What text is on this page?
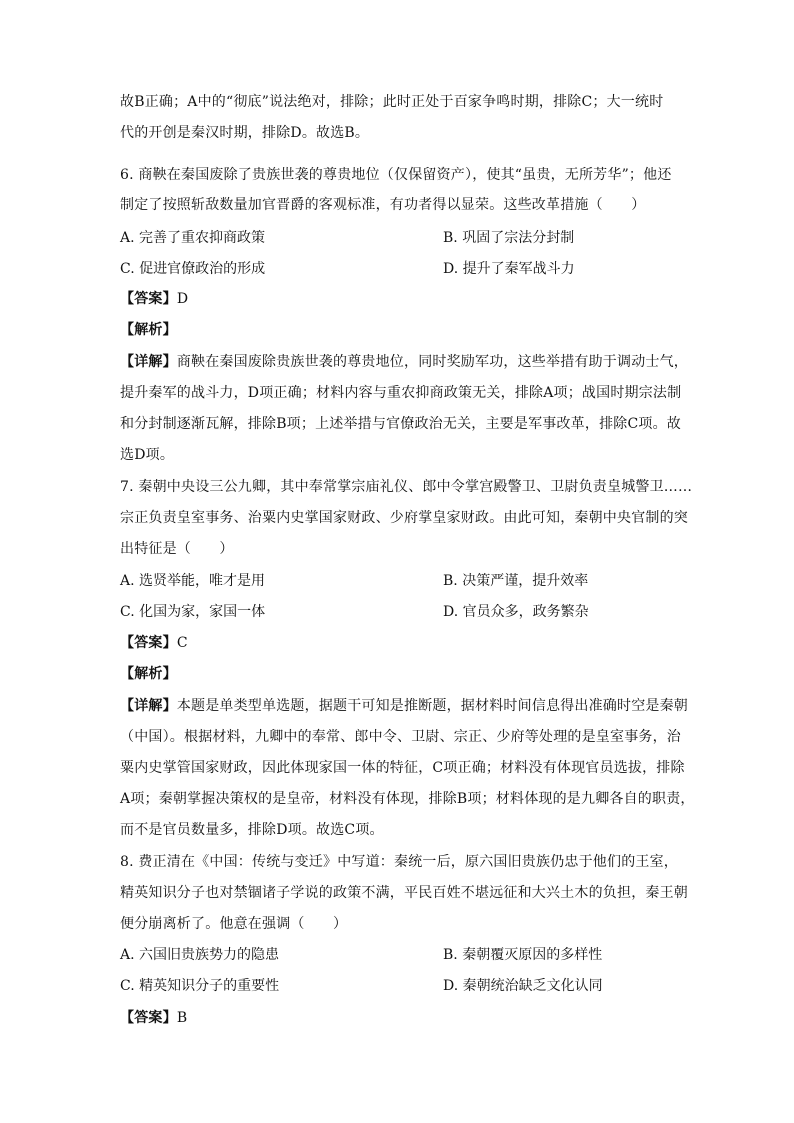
故B正确；A中的“彻底”说法绝对，排除；此时正处于百家争鸣时期，排除C；大一统时
代的开创是秦汉时期，排除D。故选B。
6. 商鞅在秦国废除了贵族世袭的尊贵地位（仅保留资产），使其“虽贵，无所芳华”；他还
制定了按照斩敌数量加官晋爵的客观标准，有功者得以显荣。这些改革措施（　　）
A. 完善了重农抑商政策	B. 巩固了宗法分封制
C. 促进官僚政治的形成	D. 提升了秦军战斗力
【答案】D
【解析】
【详解】商鞅在秦国废除贵族世袭的尊贵地位，同时奖励军功，这些举措有助于调动士气，
提升秦军的战斗力，D项正确；材料内容与重农抑商政策无关，排除A项；战国时期宗法制
和分封制逐渐瓦解，排除B项；上述举措与官僚政治无关，主要是军事改革，排除C项。故
选D项。
7. 秦朝中央设三公九卿，其中奉常掌宗庙礼仪、郎中令掌宫殿警卫、卫尉负责皇城警卫……
宗正负责皇室事务、治粟内史掌国家财政、少府掌皇家财政。由此可知，秦朝中央官制的突
出特征是（　　）
A. 选贤举能，唯才是用	B. 决策严谨，提升效率
C. 化国为家，家国一体	D. 官员众多，政务繁杂
【答案】C
【解析】
【详解】本题是单类型单选题，据题干可知是推断题，据材料时间信息得出准确时空是秦朝
（中国）。根据材料，九卿中的奉常、郎中令、卫尉、宗正、少府等处理的是皇室事务，治
粟内史掌管国家财政，因此体现家国一体的特征，C项正确；材料没有体现官员选拔，排除
A项；秦朝掌握决策权的是皇帝，材料没有体现，排除B项；材料体现的是九卿各自的职责，
而不是官员数量多，排除D项。故选C项。
8. 费正清在《中国：传统与变迁》中写道：秦统一后，原六国旧贵族仍忠于他们的王室，
精英知识分子也对禁锢诸子学说的政策不满，平民百姓不堪远征和大兴土木的负担，秦王朝
便分崩离析了。他意在强调（　　）
A. 六国旧贵族势力的隐患	B. 秦朝覆灭原因的多样性
C. 精英知识分子的重要性	D. 秦朝统治缺乏文化认同
【答案】B
